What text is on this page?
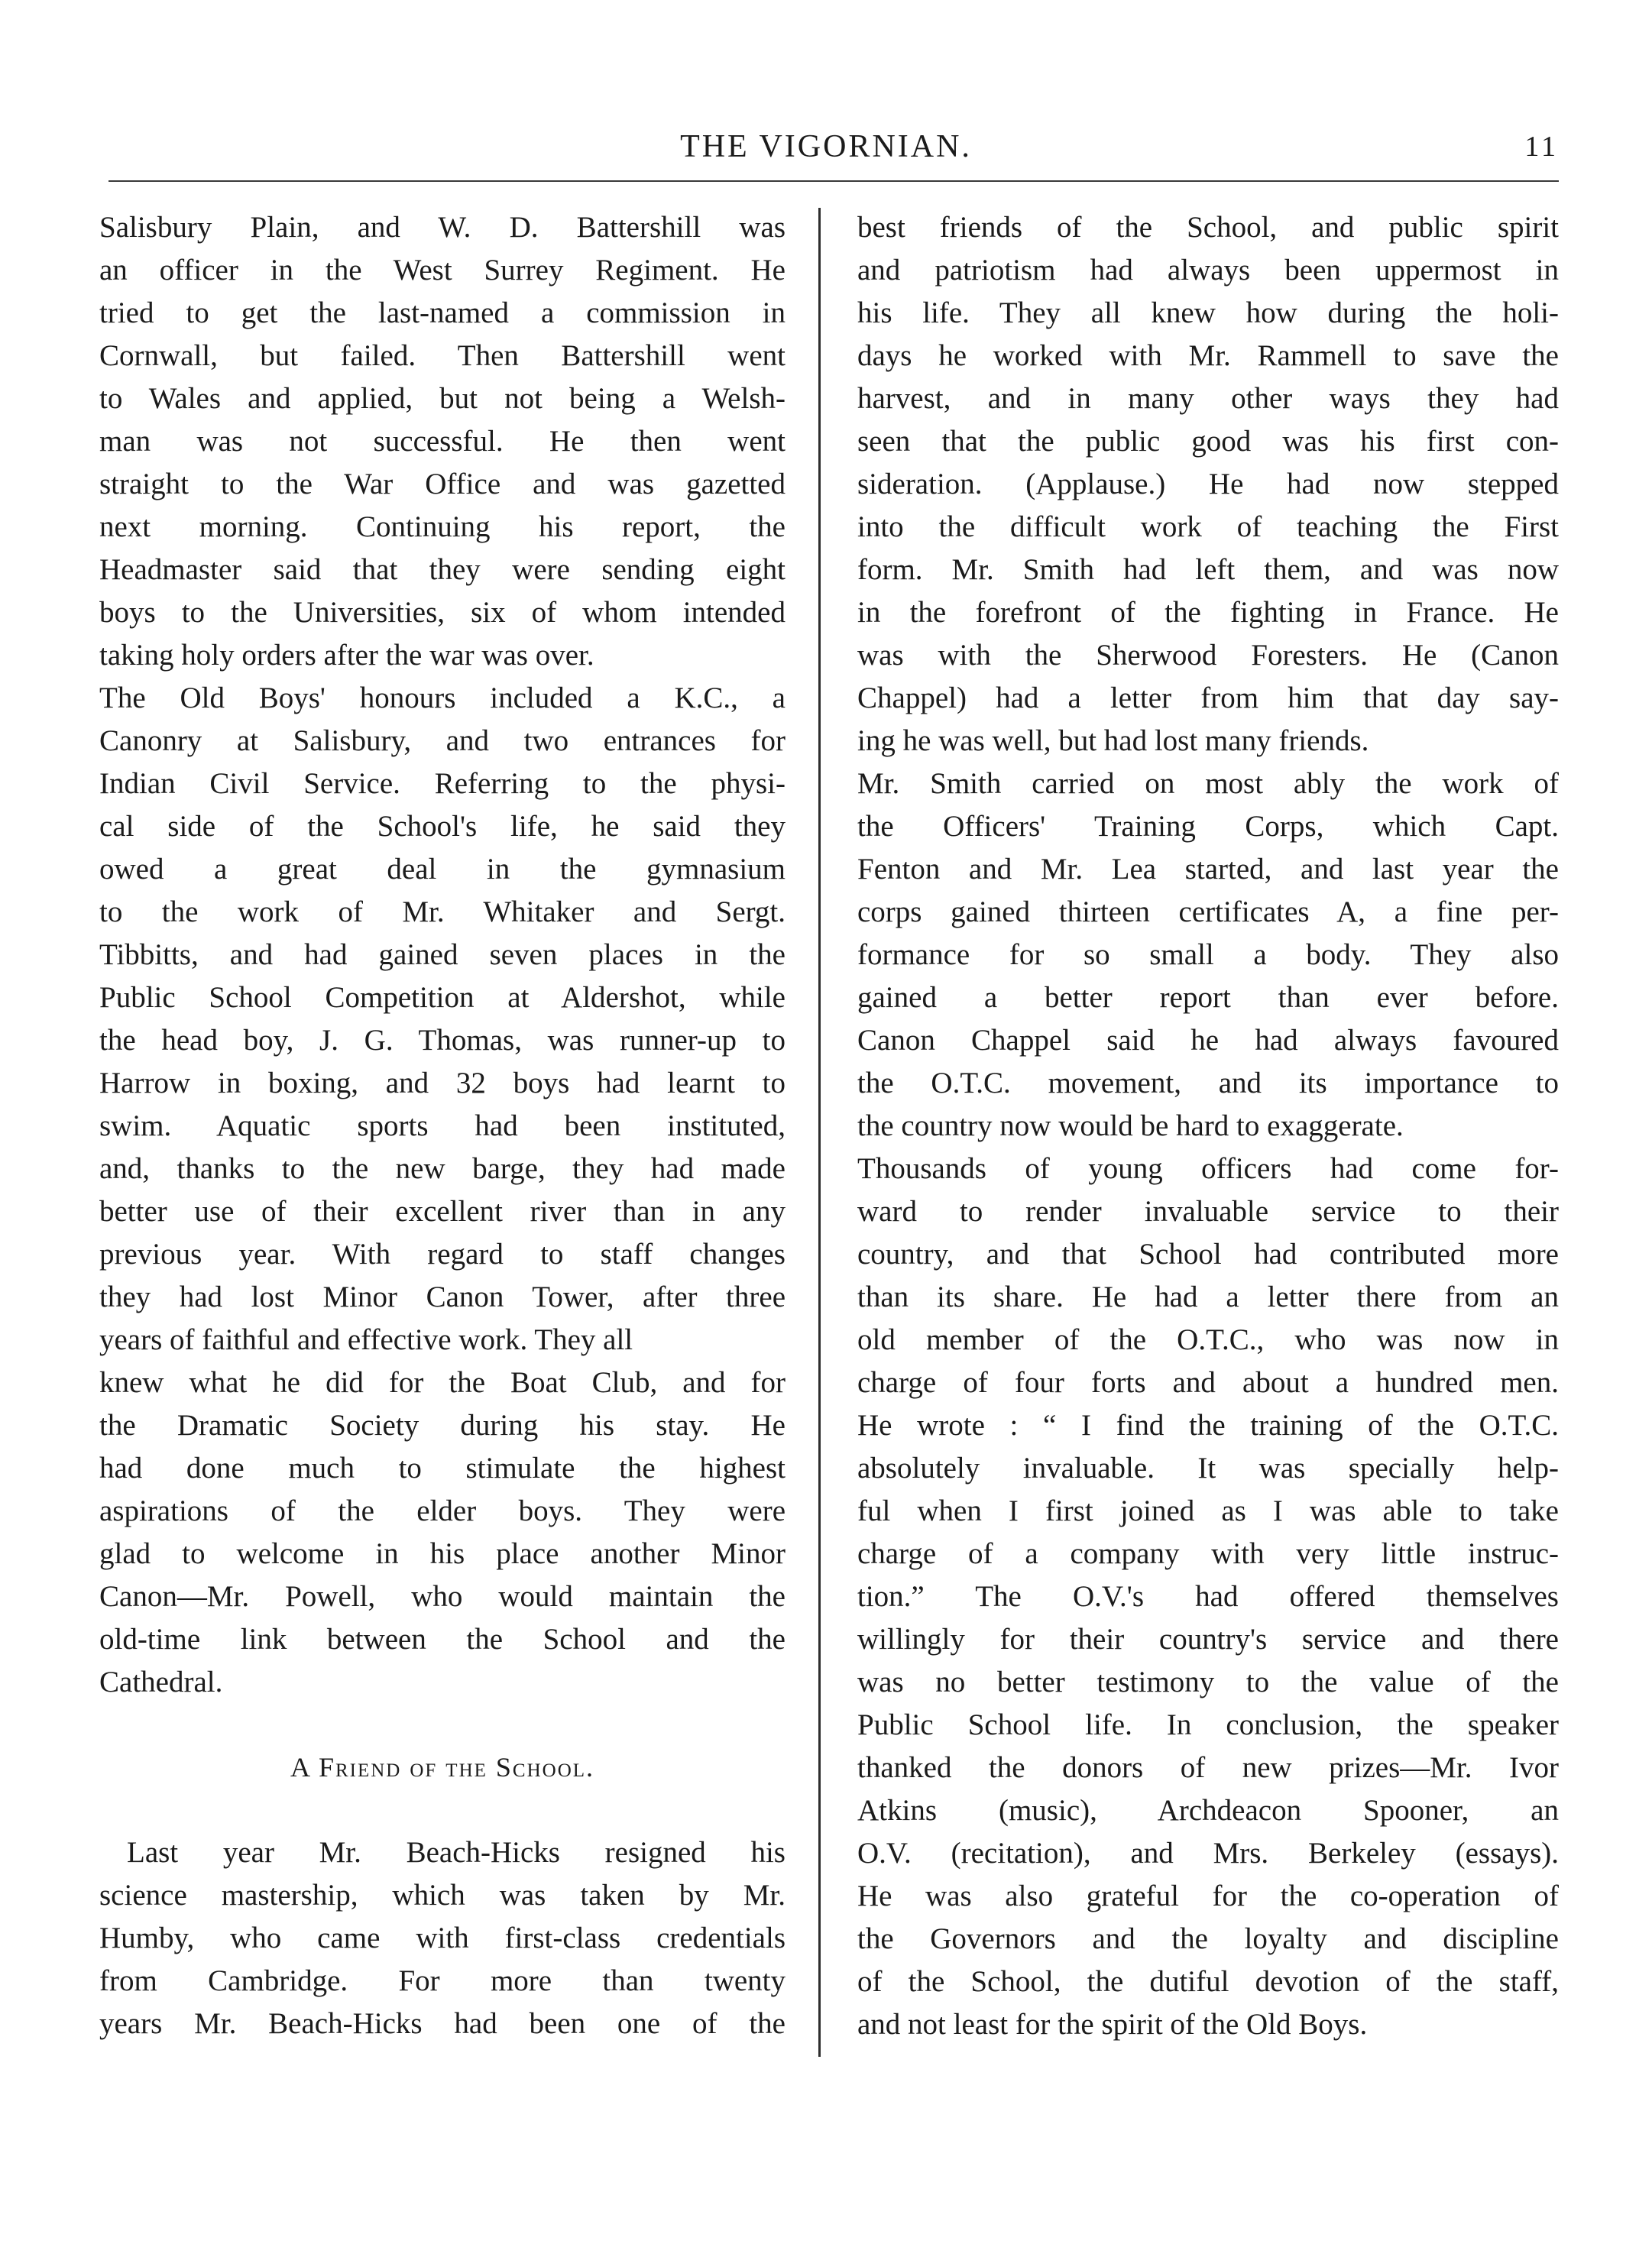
THE VIGORNIAN.	11
Salisbury Plain, and W. D. Battershill was
an officer in the West Surrey Regiment. He
tried to get the last-named a commission in
Cornwall, but failed. Then Battershill went
to Wales and applied, but not being a Welsh-
man was not successful. He then went
straight to the War Office and was gazetted
next morning. Continuing his report, the
Headmaster said that they were sending eight
boys to the Universities, six of whom intended
taking holy orders after the war was over.
The Old Boys' honours included a K.C., a
Canonry at Salisbury, and two entrances for
Indian Civil Service. Referring to the physi-
cal side of the School's life, he said they
owed a great deal in the gymnasium
to the work of Mr. Whitaker and Sergt.
Tibbitts, and had gained seven places in the
Public School Competition at Aldershot, while
the head boy, J. G. Thomas, was runner-up to
Harrow in boxing, and 32 boys had learnt to
swim. Aquatic sports had been instituted,
and, thanks to the new barge, they had made
better use of their excellent river than in any
previous year. With regard to staff changes
they had lost Minor Canon Tower, after three
years of faithful and effective work. They all
knew what he did for the Boat Club, and for
the Dramatic Society during his stay. He
had done much to stimulate the highest
aspirations of the elder boys. They were
glad to welcome in his place another Minor
Canon—Mr. Powell, who would maintain the
old-time link between the School and the
Cathedral.
A Friend of the School.
Last year Mr. Beach-Hicks resigned his
science mastership, which was taken by Mr.
Humby, who came with first-class credentials
from Cambridge. For more than twenty
years Mr. Beach-Hicks had been one of the
best friends of the School, and public spirit
and patriotism had always been uppermost in
his life. They all knew how during the holi-
days he worked with Mr. Rammell to save the
harvest, and in many other ways they had
seen that the public good was his first con-
sideration. (Applause.) He had now stepped
into the difficult work of teaching the First
form. Mr. Smith had left them, and was now
in the forefront of the fighting in France. He
was with the Sherwood Foresters. He (Canon
Chappel) had a letter from him that day say-
ing he was well, but had lost many friends.
Mr. Smith carried on most ably the work of
the Officers' Training Corps, which Capt.
Fenton and Mr. Lea started, and last year the
corps gained thirteen certificates A, a fine per-
formance for so small a body. They also
gained a better report than ever before.
Canon Chappel said he had always favoured
the O.T.C. movement, and its importance to
the country now would be hard to exaggerate.
Thousands of young officers had come for-
ward to render invaluable service to their
country, and that School had contributed more
than its share. He had a letter there from an
old member of the O.T.C., who was now in
charge of four forts and about a hundred men.
He wrote : “ I find the training of the O.T.C.
absolutely invaluable. It was specially help-
ful when I first joined as I was able to take
charge of a company with very little instruc-
tion.” The O.V.'s had offered themselves
willingly for their country's service and there
was no better testimony to the value of the
Public School life. In conclusion, the speaker
thanked the donors of new prizes—Mr. Ivor
Atkins (music), Archdeacon Spooner, an
O.V. (recitation), and Mrs. Berkeley (essays).
He was also grateful for the co-operation of
the Governors and the loyalty and discipline
of the School, the dutiful devotion of the staff,
and not least for the spirit of the Old Boys.
